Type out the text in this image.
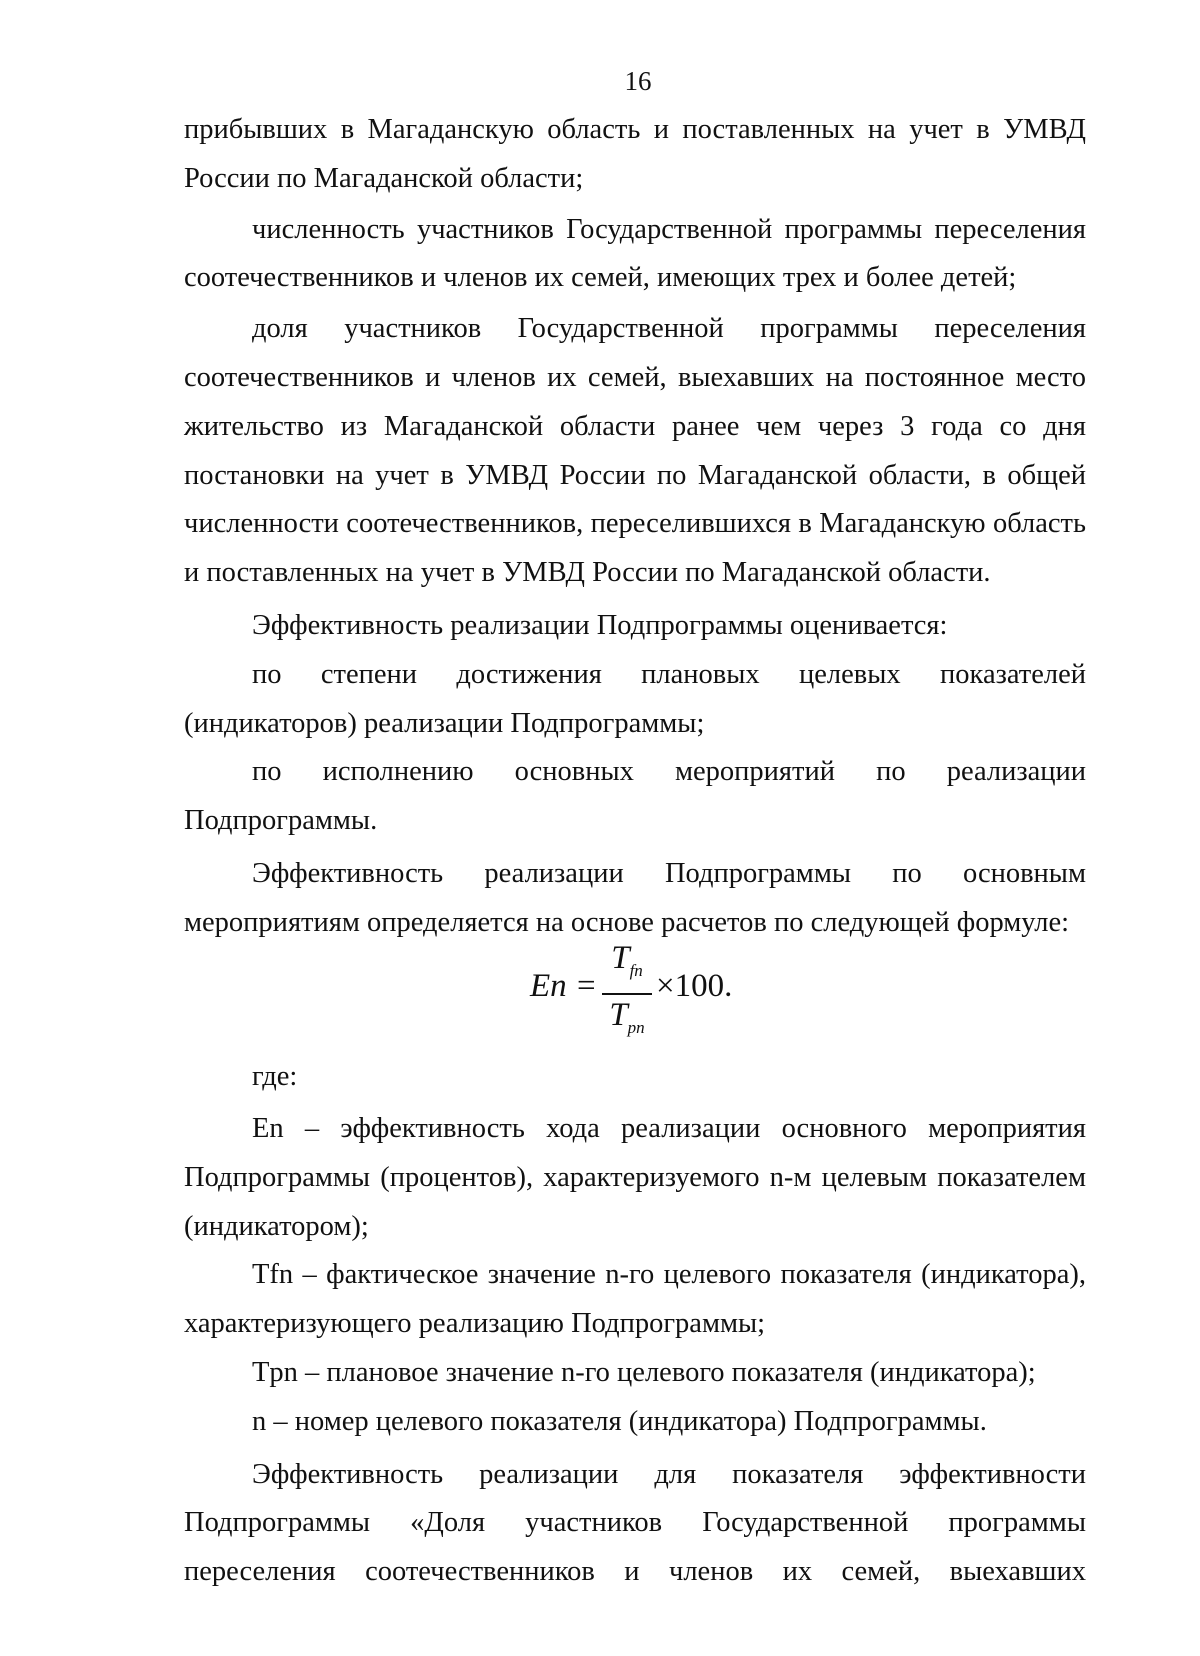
16

прибывших в Магаданскую область и поставленных на учет в УМВД России по Магаданской области;

численность участников Государственной программы переселения соотечественников и членов их семей, имеющих трех и более детей;

доля участников Государственной программы переселения соотечественников и членов их семей, выехавших на постоянное место жительство из Магаданской области ранее чем через 3 года со дня постановки на учет в УМВД России по Магаданской области, в общей численности соотечественников, переселившихся в Магаданскую область и поставленных на учет в УМВД России по Магаданской области.

Эффективность реализации Подпрограммы оценивается:

по степени достижения плановых целевых показателей (индикаторов) реализации Подпрограммы;

по исполнению основных мероприятий по реализации Подпрограммы.

Эффективность реализации Подпрограммы по основным мероприятиям определяется на основе расчетов по следующей формуле:

En =
$T_{fn}$
$T_{pn}$
×100.
где:

En – эффективность хода реализации основного мероприятия Подпрограммы (процентов), характеризуемого n-м целевым показателем (индикатором);

Tfn – фактическое значение n-го целевого показателя (индикатора), характеризующего реализацию Подпрограммы;

Tpn – плановое значение n-го целевого показателя (индикатора);

n – номер целевого показателя (индикатора) Подпрограммы.

Эффективность реализации для показателя эффективности Подпрограммы «Доля участников Государственной программы переселения соотечественников и членов их семей, выехавших
